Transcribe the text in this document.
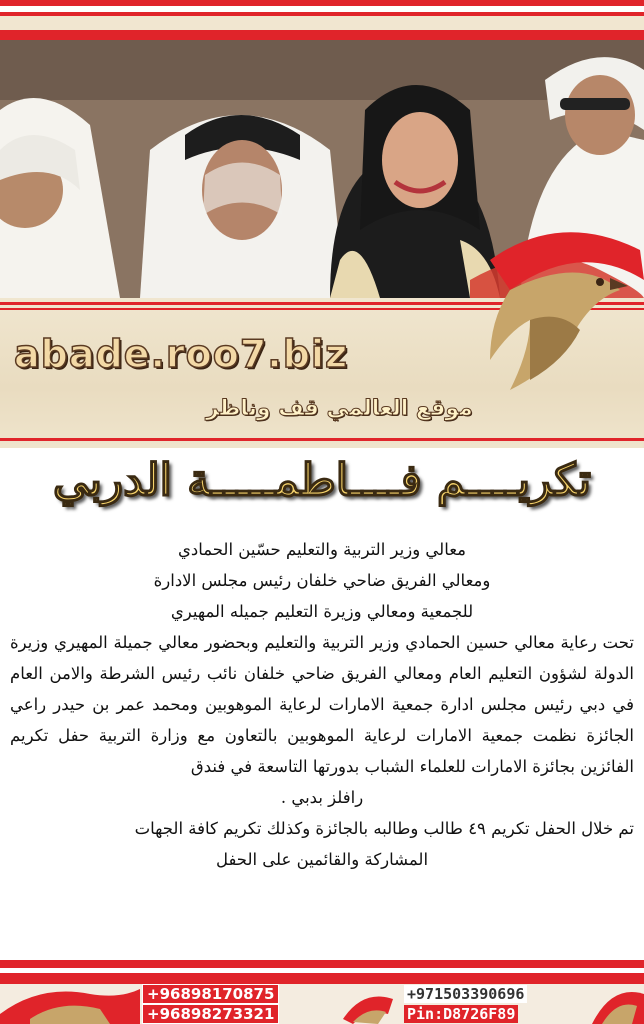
abade.roo7.biz
موقع العالمي قف وناظر
تكريــــم فــــاطمـــــة الدربي
معالي وزير التربية والتعليم حسّين الحمادي
ومعالي الفريق ضاحي خلفان رئيس مجلس الادارة
للجمعية ومعالي وزيرة التعليم جميله المهيري
تحت رعاية معالي حسين الحمادي وزير التربية والتعليم وبحضور معالي جميلة المهيري وزيرة الدولة لشؤون التعليم العام ومعالي الفريق ضاحي خلفان نائب رئيس الشرطة والامن العام في دبي رئيس مجلس ادارة جمعية الامارات لرعاية الموهوبين ومحمد عمر بن حيدر راعي الجائزة نظمت جمعية الامارات لرعاية الموهوبين بالتعاون مع وزارة التربية حفل تكريم الفائزين بجائزة الامارات للعلماء الشباب بدورتها التاسعة في فندق
رافلز بدبي .
تم خلال الحفل تكريم ٤٩ طالب وطالبه بالجائزة وكذلك تكريم كافة الجهات
المشاركة والقائمين على الحفل
+96898170875
+96898273321
+971503390696
Pin:D8726F89
